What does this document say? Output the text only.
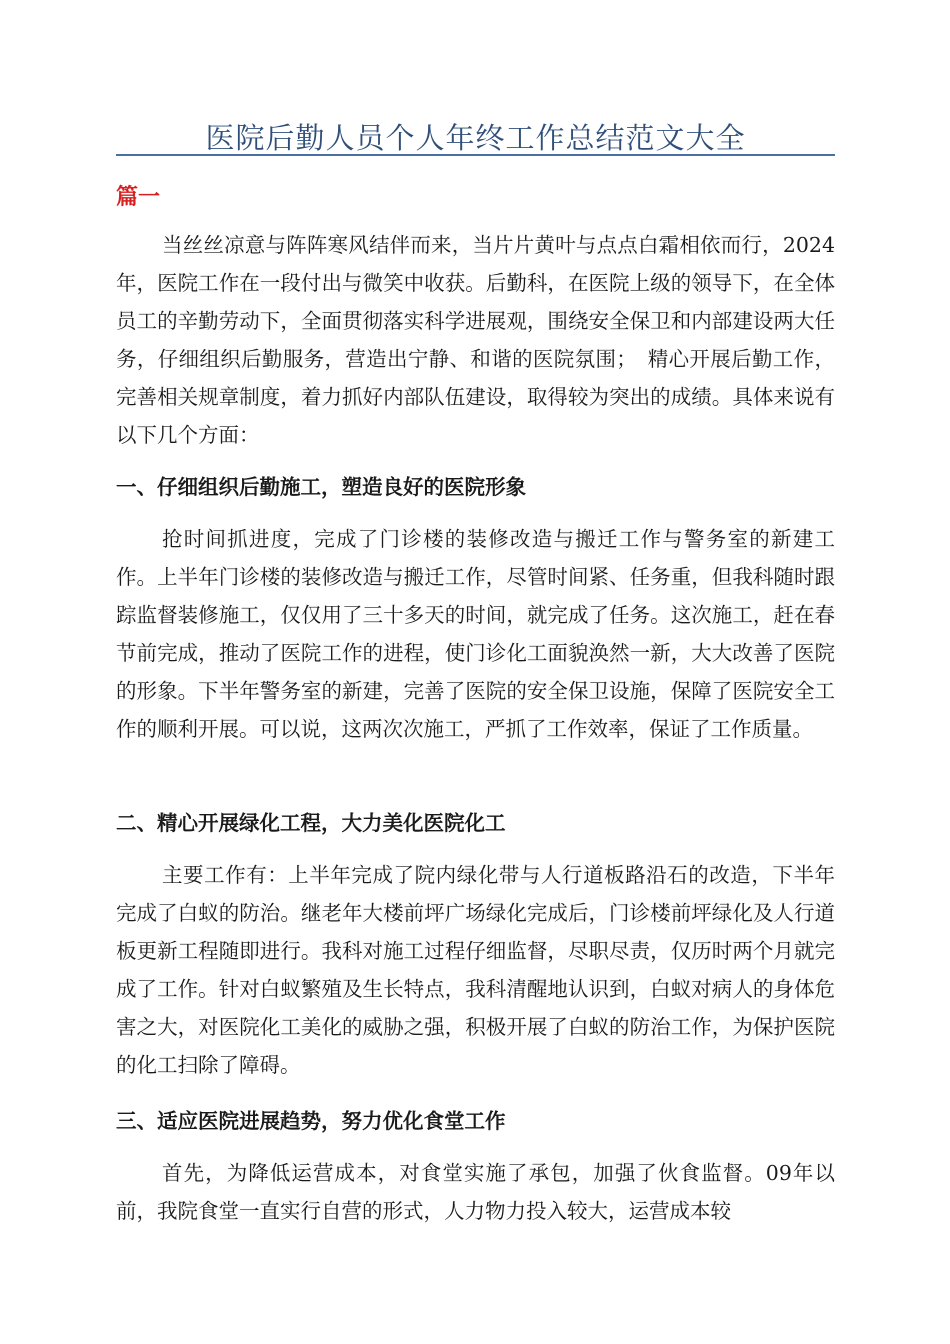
医院后勤人员个人年终工作总结范文大全
篇一

当丝丝凉意与阵阵寒风结伴而来，当片片黄叶与点点白霜相依而行，2024年，医院工作在一段付出与微笑中收获。后勤科，在医院上级的领导下，在全体员工的辛勤劳动下，全面贯彻落实科学进展观，围绕安全保卫和内部建设两大任务，仔细组织后勤服务，营造出宁静、和谐的医院氛围；　精心开展后勤工作，完善相关规章制度，着力抓好内部队伍建设，取得较为突出的成绩。具体来说有以下几个方面：

一、仔细组织后勤施工，塑造良好的医院形象

抢时间抓进度，完成了门诊楼的装修改造与搬迁工作与警务室的新建工作。上半年门诊楼的装修改造与搬迁工作，尽管时间紧、任务重，但我科随时跟踪监督装修施工，仅仅用了三十多天的时间，就完成了任务。这次施工，赶在春节前完成，推动了医院工作的进程，使门诊化工面貌涣然一新，大大改善了医院的形象。下半年警务室的新建，完善了医院的安全保卫设施，保障了医院安全工作的顺利开展。可以说，这两次次施工，严抓了工作效率，保证了工作质量。

二、精心开展绿化工程，大力美化医院化工

主要工作有：上半年完成了院内绿化带与人行道板路沿石的改造，下半年完成了白蚁的防治。继老年大楼前坪广场绿化完成后，门诊楼前坪绿化及人行道板更新工程随即进行。我科对施工过程仔细监督，尽职尽责，仅历时两个月就完成了工作。针对白蚁繁殖及生长特点，我科清醒地认识到，白蚁对病人的身体危害之大，对医院化工美化的威胁之强，积极开展了白蚁的防治工作，为保护医院的化工扫除了障碍。

三、适应医院进展趋势，努力优化食堂工作

首先，为降低运营成本，对食堂实施了承包，加强了伙食监督。09年以前，我院食堂一直实行自营的形式，人力物力投入较大，运营成本较
